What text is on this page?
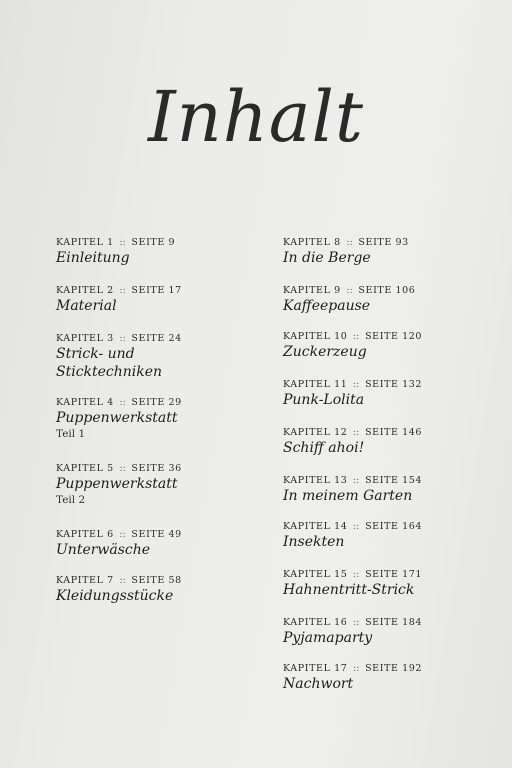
Inhalt
KAPITEL 1 :: SEITE 9
Einleitung
KAPITEL 2 :: SEITE 17
Material
KAPITEL 3 :: SEITE 24
Strick- und
Sticktechniken
KAPITEL 4 :: SEITE 29
Puppenwerkstatt
Teil 1
KAPITEL 5 :: SEITE 36
Puppenwerkstatt
Teil 2
KAPITEL 6 :: SEITE 49
Unterwäsche
KAPITEL 7 :: SEITE 58
Kleidungsstücke
KAPITEL 8 :: SEITE 93
In die Berge
KAPITEL 9 :: SEITE 106
Kaffeepause
KAPITEL 10 :: SEITE 120
Zuckerzeug
KAPITEL 11 :: SEITE 132
Punk-Lolita
KAPITEL 12 :: SEITE 146
Schiff ahoi!
KAPITEL 13 :: SEITE 154
In meinem Garten
KAPITEL 14 :: SEITE 164
Insekten
KAPITEL 15 :: SEITE 171
Hahnentritt-Strick
KAPITEL 16 :: SEITE 184
Pyjamaparty
KAPITEL 17 :: SEITE 192
Nachwort
